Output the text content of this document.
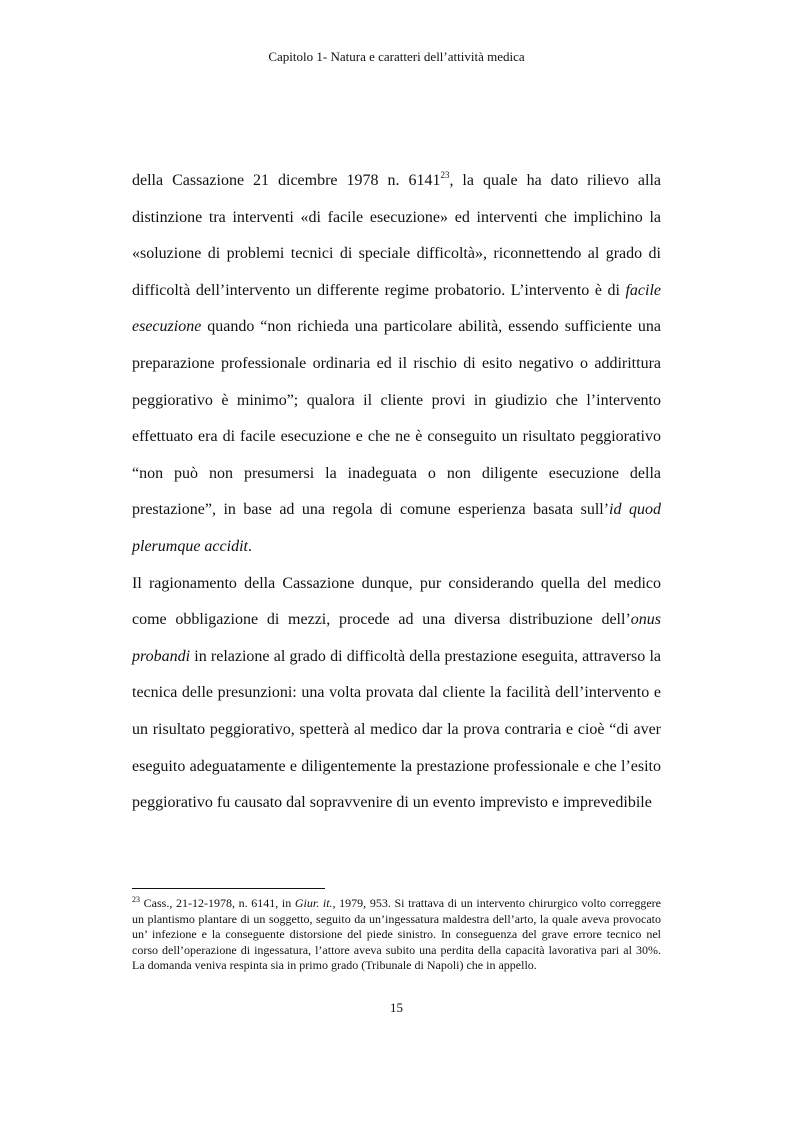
Capitolo 1- Natura e caratteri dell’attività medica

della Cassazione 21 dicembre 1978 n. 6141$^{23}$, la quale ha dato rilievo alla distinzione tra interventi «di facile esecuzione» ed interventi che implichino la «soluzione di problemi tecnici di speciale difficoltà», riconnettendo al grado di difficoltà dell’intervento un differente regime probatorio. L’intervento è di facile esecuzione quando “non richieda una particolare abilità, essendo sufficiente una preparazione professionale ordinaria ed il rischio di esito negativo o addirittura peggiorativo è minimo”; qualora il cliente provi in giudizio che l’intervento effettuato era di facile esecuzione e che ne è conseguito un risultato peggiorativo “non può non presumersi la inadeguata o non diligente esecuzione della prestazione”, in base ad una regola di comune esperienza basata sull’id quod plerumque accidit.

Il ragionamento della Cassazione dunque, pur considerando quella del medico come obbligazione di mezzi, procede ad una diversa distribuzione dell’onus probandi in relazione al grado di difficoltà della prestazione eseguita, attraverso la tecnica delle presunzioni: una volta provata dal cliente la facilità dell’intervento e un risultato peggiorativo, spetterà al medico dar la prova contraria e cioè “di aver eseguito adeguatamente e diligentemente la prestazione professionale e che l’esito peggiorativo fu causato dal sopravvenire di un evento imprevisto e imprevedibile

$^{23}$ Cass., 21-12-1978, n. 6141, in Giur. it., 1979, 953. Si trattava di un intervento chirurgico volto correggere un plantismo plantare di un soggetto, seguito da un’ingessatura maldestra dell’arto, la quale aveva provocato un’ infezione e la conseguente distorsione del piede sinistro. In conseguenza del grave errore tecnico nel corso dell’operazione di ingessatura, l’attore aveva subito una perdita della capacità lavorativa pari al 30%. La domanda veniva respinta sia in primo grado (Tribunale di Napoli) che in appello.
15
